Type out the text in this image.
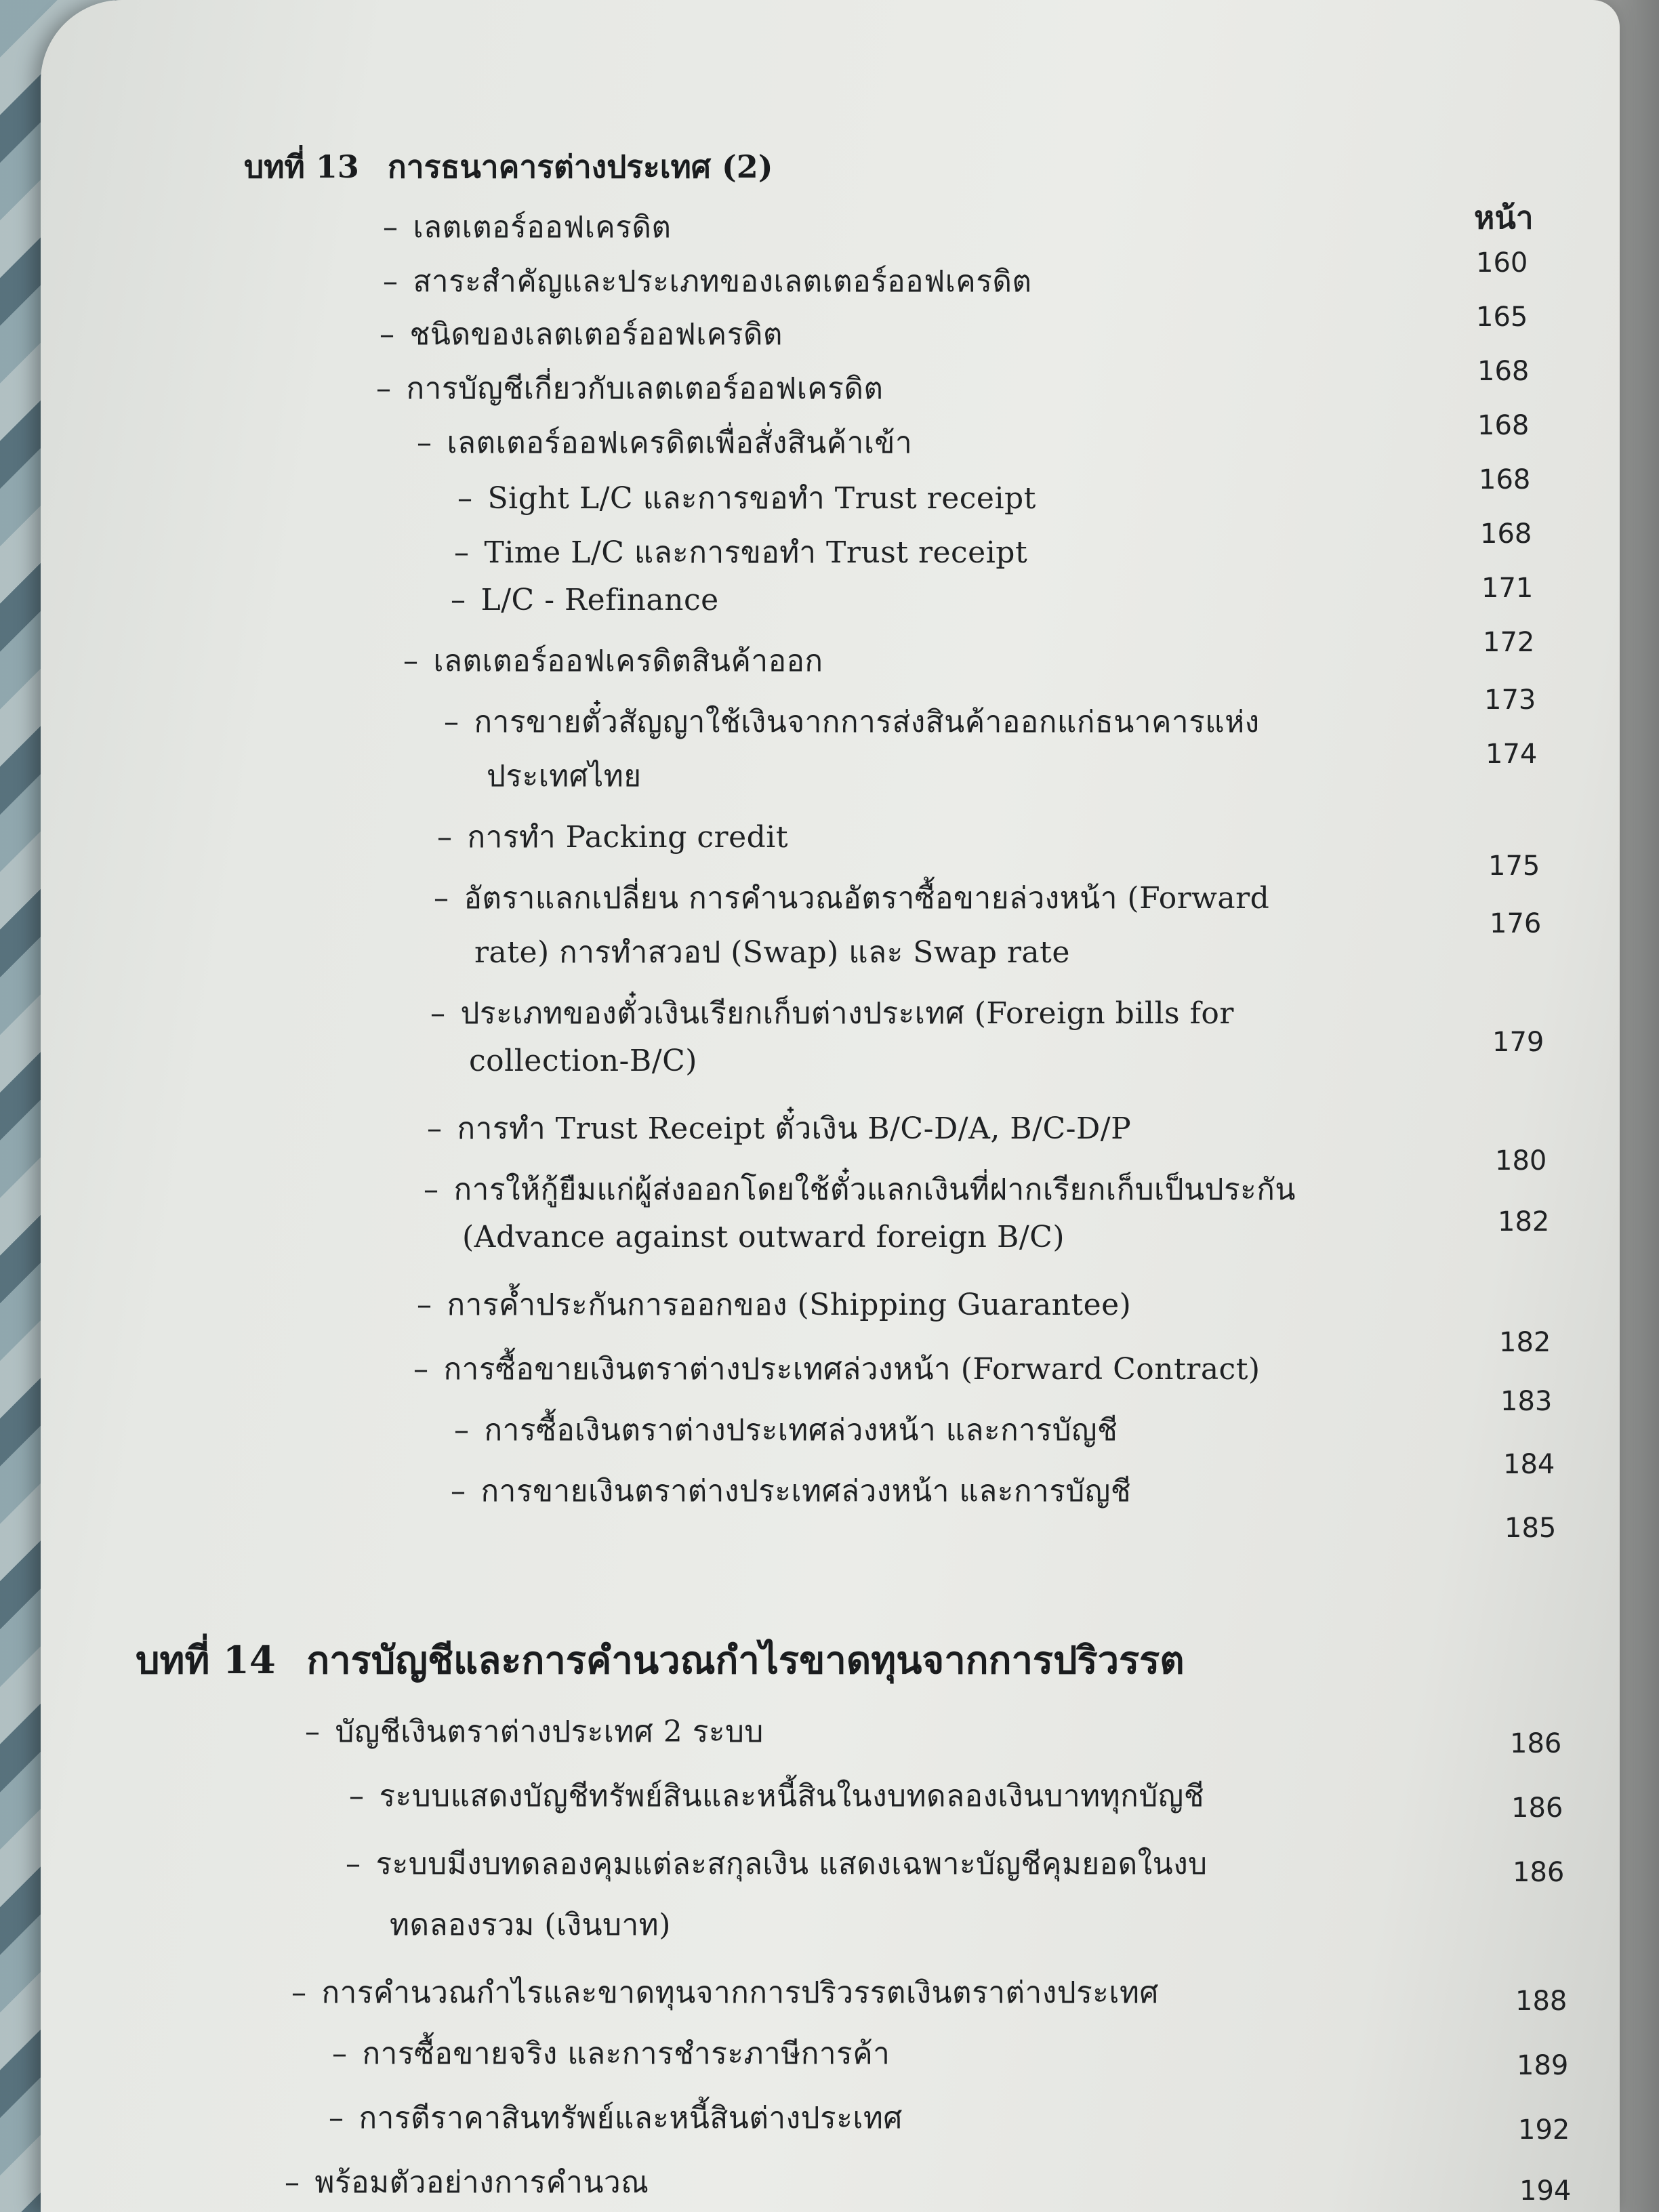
บทที่ 13 การธนาคารต่างประเทศ (2)
หน้า
– เลตเตอร์ออฟเครดิต
– สาระสำคัญและประเภทของเลตเตอร์ออฟเครดิต
– ชนิดของเลตเตอร์ออฟเครดิต
– การบัญชีเกี่ยวกับเลตเตอร์ออฟเครดิต
– เลตเตอร์ออฟเครดิตเพื่อสั่งสินค้าเข้า
– Sight L/C และการขอทำ Trust receipt
– Time L/C และการขอทำ Trust receipt
– L/C - Refinance
– เลตเตอร์ออฟเครดิตสินค้าออก
– การขายตั๋วสัญญาใช้เงินจากการส่งสินค้าออกแก่ธนาคารแห่ง
ประเทศไทย
– การทำ Packing credit
– อัตราแลกเปลี่ยน การคำนวณอัตราซื้อขายล่วงหน้า (Forward
rate) การทำสวอป (Swap) และ Swap rate
– ประเภทของตั๋วเงินเรียกเก็บต่างประเทศ (Foreign bills for
collection-B/C)
– การทำ Trust Receipt ตั๋วเงิน B/C-D/A, B/C-D/P
– การให้กู้ยืมแก่ผู้ส่งออกโดยใช้ตั๋วแลกเงินที่ฝากเรียกเก็บเป็นประกัน
(Advance against outward foreign B/C)
– การค้ำประกันการออกของ (Shipping Guarantee)
– การซื้อขายเงินตราต่างประเทศล่วงหน้า (Forward Contract)
– การซื้อเงินตราต่างประเทศล่วงหน้า และการบัญชี
– การขายเงินตราต่างประเทศล่วงหน้า และการบัญชี
160
165
168
168
168
168
171
172
173
174
175
176
179
180
182
182
183
184
185
บทที่ 14 การบัญชีและการคำนวณกำไรขาดทุนจากการปริวรรต
– บัญชีเงินตราต่างประเทศ 2 ระบบ
– ระบบแสดงบัญชีทรัพย์สินและหนี้สินในงบทดลองเงินบาททุกบัญชี
– ระบบมีงบทดลองคุมแต่ละสกุลเงิน แสดงเฉพาะบัญชีคุมยอดในงบ
ทดลองรวม (เงินบาท)
– การคำนวณกำไรและขาดทุนจากการปริวรรตเงินตราต่างประเทศ
– การซื้อขายจริง และการชำระภาษีการค้า
– การตีราคาสินทรัพย์และหนี้สินต่างประเทศ
– พร้อมตัวอย่างการคำนวณ
186
186
186
188
189
192
194
